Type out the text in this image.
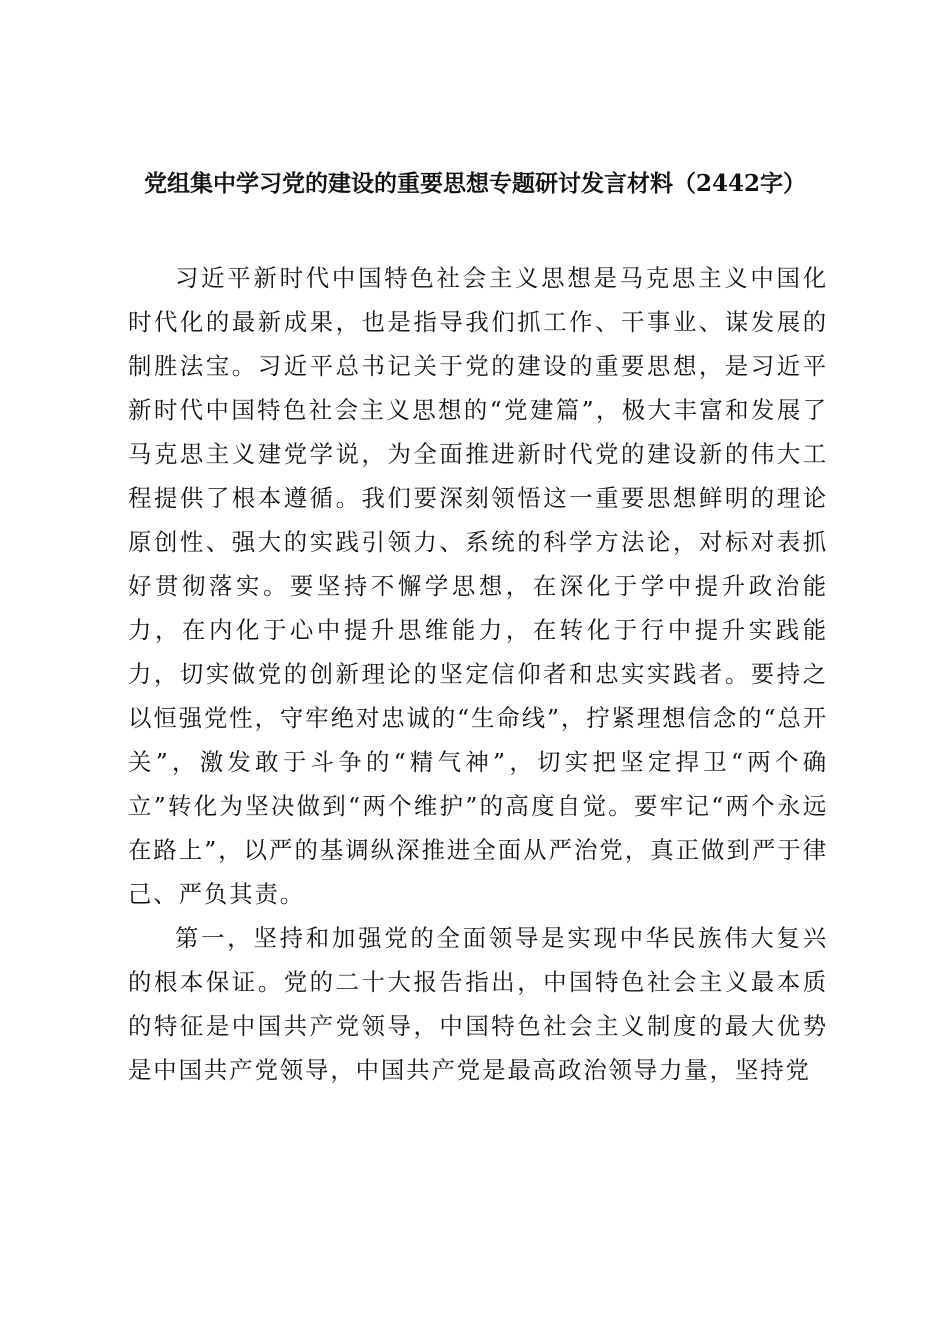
党组集中学习党的建设的重要思想专题研讨发言材料（2442字）

习近平新时代中国特色社会主义思想是马克思主义中国化时代化的最新成果，也是指导我们抓工作、干事业、谋发展的制胜法宝。习近平总书记关于党的建设的重要思想，是习近平新时代中国特色社会主义思想的“党建篇”，极大丰富和发展了马克思主义建党学说，为全面推进新时代党的建设新的伟大工程提供了根本遵循。我们要深刻领悟这一重要思想鲜明的理论原创性、强大的实践引领力、系统的科学方法论，对标对表抓好贯彻落实。要坚持不懈学思想，在深化于学中提升政治能力，在内化于心中提升思维能力，在转化于行中提升实践能力，切实做党的创新理论的坚定信仰者和忠实实践者。要持之以恒强党性，守牢绝对忠诚的“生命线”，拧紧理想信念的“总开关”，激发敢于斗争的“精气神”，切实把坚定捍卫“两个确立”转化为坚决做到“两个维护”的高度自觉。要牢记“两个永远在路上”，以严的基调纵深推进全面从严治党，真正做到严于律己、严负其责。

第一，坚持和加强党的全面领导是实现中华民族伟大复兴的根本保证。党的二十大报告指出，中国特色社会主义最本质的特征是中国共产党领导，中国特色社会主义制度的最大优势是中国共产党领导，中国共产党是最高政治领导力量，坚持党
